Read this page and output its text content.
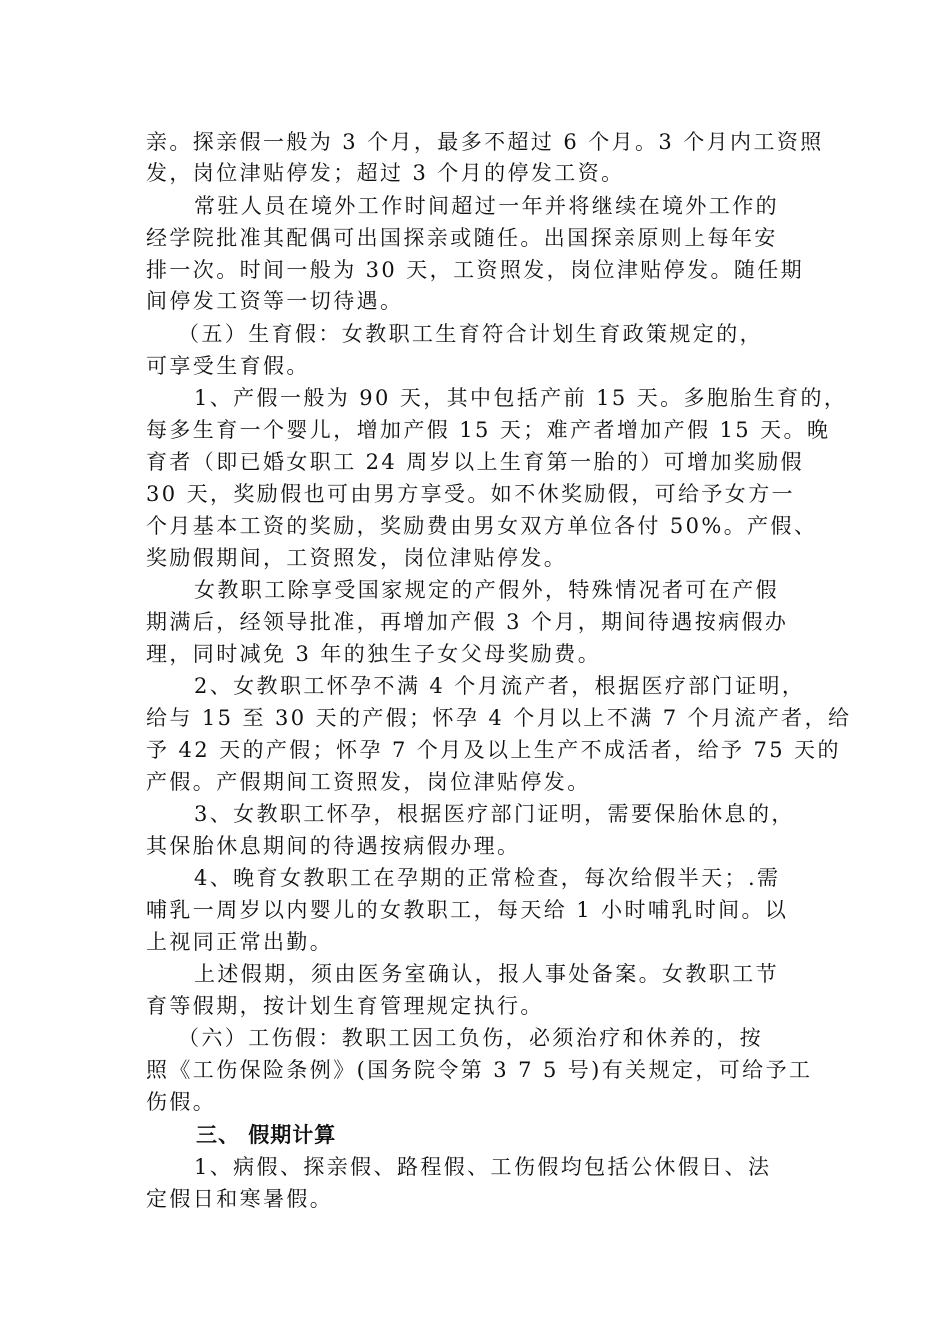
亲。探亲假一般为 3 个月，最多不超过 6 个月。3 个月内工资照
发，岗位津贴停发；超过 3 个月的停发工资。
常驻人员在境外工作时间超过一年并将继续在境外工作的
经学院批准其配偶可出国探亲或随任。出国探亲原则上每年安
排一次。时间一般为 30 天，工资照发，岗位津贴停发。随任期
间停发工资等一切待遇。
（五）生育假：女教职工生育符合计划生育政策规定的，
可享受生育假。
1、产假一般为 90 天，其中包括产前 15 天。多胞胎生育的，
每多生育一个婴儿，增加产假 15 天；难产者增加产假 15 天。晚
育者（即已婚女职工 24 周岁以上生育第一胎的）可增加奖励假
30 天，奖励假也可由男方享受。如不休奖励假，可给予女方一
个月基本工资的奖励，奖励费由男女双方单位各付 50%。产假、
奖励假期间，工资照发，岗位津贴停发。
女教职工除享受国家规定的产假外，特殊情况者可在产假
期满后，经领导批准，再增加产假 3 个月，期间待遇按病假办
理，同时减免 3 年的独生子女父母奖励费。
2、女教职工怀孕不满 4 个月流产者，根据医疗部门证明，
给与 15 至 30 天的产假；怀孕 4 个月以上不满 7 个月流产者，给
予 42 天的产假；怀孕 7 个月及以上生产不成活者，给予 75 天的
产假。产假期间工资照发，岗位津贴停发。
3、女教职工怀孕，根据医疗部门证明，需要保胎休息的，
其保胎休息期间的待遇按病假办理。
4、晚育女教职工在孕期的正常检查，每次给假半天；.需
哺乳一周岁以内婴儿的女教职工，每天给 1 小时哺乳时间。以
上视同正常出勤。
上述假期，须由医务室确认，报人事处备案。女教职工节
育等假期，按计划生育管理规定执行。
（六）工伤假：教职工因工负伤，必须治疗和休养的，按
照《工伤保险条例》(国务院令第 3 7 5 号)有关规定，可给予工
伤假。
三、 假期计算
1、病假、探亲假、路程假、工伤假均包括公休假日、法
定假日和寒暑假。
